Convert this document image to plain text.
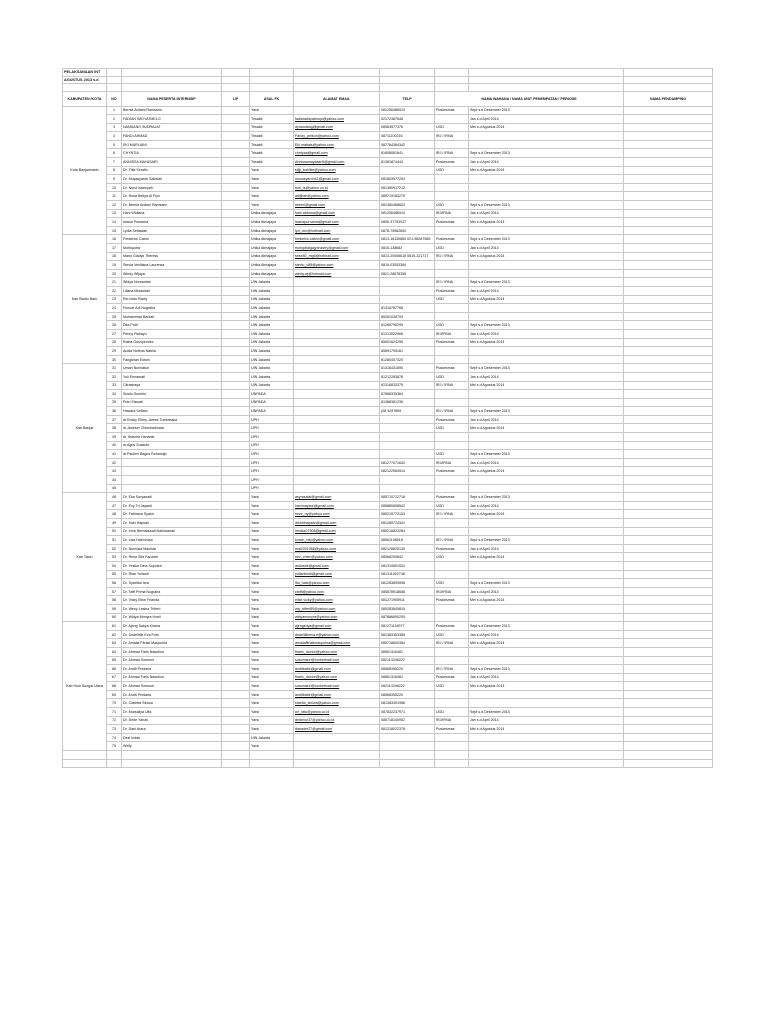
PELAKSANAAN INT									
AGUSTUS 2013 s.d									

KABUPATEN /KOTA	NO	NAMA PESERTA INTERNSIP	L/P	ASAL FK	ALAMAT EMAIL	TELP	NAMA WAHANA / NAMA UNIT PENEMPATAN / PERIODE		NAMA PENDAMPING
Kota Banjarmasin	1	Bernia Ardiani Ramsarin		Yarsi		081256486910	Puskesmas	Sept s.d Desember 2013	
	2	FADIAN WIDYATMELO		Trisakti	fadianwidyatmojo@yahoo.com	02172387846		Jan s.d April 2014	
	3	NANDANG SUDRAJAT		Trisakti	dynandang@gmail.com	08563577376	UGD	Mei s.d Agustus 2014	
	4	FANDI AHMAD		Trisakti	Fandy_pelkon@yahoo.com	08711100216	IRJ / IRNA		
	5	EKI MARLIANI		Trisakti	Eki.mattals@yahoo.com	087764364342			
	6	CHYNTIA		Trisakti	chntyaa@gmail.com	81808081641	IRJ / IRNA	Sept s.d Desember 2013	
	7	ANNISSA MAYASARI		Trisakti	Annissamayasari9@gmail.com	81381874444	Puskesmas	Jan s.d April 2014	
	8	Dr. Fifia Serafin		Yarsi	sifjji_bahlike@yahoo.com		UGD	Mei s.d Agustus 2014	
	9	Dr. Muyasyaroh Sakdiah		Yarsi	muzasyaroh41@gmail.com	081803977203			
	10	Dr. Nurul Istamyah		Yarsi	nuri_is@yahoo.co.id	081380917212			
	11	Dr. Rosa Betiya Al Fiyn		Yarsi	adiljhan@yahoo.com	085719183279			
	12	Dr. Bernia Ardiani Ramsarin		Yarsi	nberni@gmail.com	081380468603	UGD	Sept s.d Desember 2013	
	13	Hani Widiana		Unika Atmajaya	hani.widiana@gmail.com	081256486910	IRJ/IRNA	Jan s.d April 2014	
	14	Iwana Purnama		Unika Atmajaya	iwanapurnama@gmail.com	0899-37753037	Puskesmas	Mei s.d Agustus 2014	
	15	Lydia Setiawan		Unika Atmajaya	lyd_ceo@hotmail.com	0878-75962600			
Kab Barito Baru	16	Frederick Calvin		Unika Atmajaya	frederick.calvin@gmail.com	0813-16130850 021-98287565	Puskesmas	Sept s.d Desember 2013	
	17	Mohiqudra		Unika Atmajaya	mohqdralgajychastry@gmail.com	0815-138683	UGD	Jan s.d April 2014	
	18	Mario Gladys Theress		Unika Atmajaya	sese80_mgtt@hotmail.com	0813-20006618 0815-321717	IRJ / IRNA	Mei s.d Agustus 2014	
	19	Stevia Vesiliana Laurensa		Unika Atmajaya	steviu_v88@yahoo.com	0819-03053384			
	20	Windy Wijaya		Unika Atmajaya	windy.wj@hotmail.com	0821-28578358			
	21	Widya Nurnantari		UIN Jakarta			IRJ / IRNA	Sept s.d Desember 2013	
	22	Liliana Mulandari		UIN Jakarta			Puskesmas	Jan s.d April 2014	
	23	Rio Iwan Riady		UIN Jakarta			UGD	Mei s.d Agustus 2014	
	24	Fenuar Adi Nugraha		UIN Jakarta		81318787768			
	25	Muhammad Barkah		UIN Jakarta		85261038793			
	26	Dita Putri		UIN Jakarta		81285795295	UGD	Sept s.d Desember 2013	
	27	Penny Rahayu		UIN Jakarta		81213022966	IRJ/IRNA	Jan s.d April 2014	
	28	Raina Gusriyendini		UIN Jakarta		85691624255	Puskesmas	Mei s.d Agustus 2014	
	29	Audia Nofima Nabila		UIN Jakarta		85691795161			
	30	Fangkiran Edwin		UIN Jakarta		81280407320			
Kab Banjar	31	Umah Nurinatun		UIN Jakarta		81318431890	Puskesmas	Sept s.d Desember 2013	
	32	Yuli Ermawati		UIN Jakarta		81212283878	UGD	Jan s.d April 2014	
	33	Citrasnaya		UIN Jakarta		81316833375	IRJ / IRNA	Mei s.d Agustus 2014	
	34	Susilo Sumitro		UNPADA		87888335364			
	35	Putri Siswati		UNPADA		81388381236			
	36	Hawara Sofiani		UNPADA		(08 4297869	IRJ / IRNA	Sept s.d Desember 2013	
	37	dr.Rocky Ellery James Tumbelaka		UPH			Puskesmas	Jan s.d April 2014	
	38	dr.Janeser Chinshadinata		UPH			UGD	Mei s.d Agustus 2014	
	39	dr. Ifrasma Hananie		UPH					
	40	dr.Agus Susanto		UPH					
	41	dr.Paulien Bagus Rohandjo		UPH			UGD	Sept s.d Desember 2013	
	42			UPH		081277071632	IRJ/IRNA	Jan s.d April 2014	
	43			UPH		082122564914	Puskesmas	Mei s.d Agustus 2014	
	44			UPH					
	45			UPH					
Kab Tapin	46	Dr. Eka Suryawati		Yarsi	asyrasalat@gmail.com	085710712718	Puskesmas	Sept s.d Desember 2013	
	47	Dr. Evy Tri Jayanti		Yarsi	havonayare@gmail.com	085880898542	UGD	Jan s.d April 2014	
	48	Dr. Fathraza Syakri		Yarsi	nezz_ny@yahoo.com	085215770103	IRJ / IRNA	Mei s.d Agustus 2014	
	49	Dr. Indri Hapsari		Yarsi	diindrihapsari@gmail.com	081289724341			
	50	Dr. Irma Nirmalawati Narfosanah		Yarsi	irmaks07808@gmail.com	085216823284			
	51	Dr. Lisa Haerunisa		Yarsi	kvach_nify@yahoo.com	08561108518	IRJ / IRNA	Sept s.d Desember 2013	
	52	Dr. Nurmala Maulida		Yarsi	mal2001986@yahoo.com	082128825130	Puskesmas	Jan s.d April 2014	
	53	Dr. Rima Sifa Fauziah		Yarsi	nez_chien@yahoo.com	08568209842	UGD	Mei s.d Agustus 2014	
	54	Dr. Yesika Dina Soputeri		Yarsi	asdosbe@gmail.com	081310691531			
	55	Dr. Rian Yulianti		Yarsi	yuliantinidi@gmail.com	081311002748			
	56	Dr. Syarifah Isra		Yarsi	ifai_hals@yahoo.com	081283899598	UGD	Sept s.d Desember 2013	
	57	Dr. Taffi Prima Nugraha		Yarsi	ctaffi@yahoo.com	085878918688	IRJ/IRNA	Jan s.d April 2014	
	58	Dr. Vicky Elise Frianda		Yarsi	elise.vicky@yahoo.com	081271905911	Puskesmas	Mei s.d Agustus 2014	
	59	Dr. Weny Lesina Triferri		Yarsi	wly_triferi89@yahoo.com	085283845815			
	60	Dr. Widya Monyra Hoeli		Yarsi	widyamonyra@yahoo.com	087886890205			
Kab Hulu Sungai Utara	61	Dr. Ajeng Sakya Kirana		Yarsi	ajengsdya@gmail.com	081271118977	Puskesmas	Sept s.d Desember 2013	
	62	Dr. Dodeliflie Eva Putri		Yarsi	dodeliflieeva.e@yahoo.com	081383353385	UGD	Jan s.d April 2014	
	63	Dr. Amalia Fitriati Maspuhra		Yarsi	amaliafitriatimaspuhra@gmail.com	085718600384	IRJ / IRNA	Mei s.d Agustus 2014	
	64	Dr. Ahmad Faris Nasution		Yarsi	fharic_doctor@yahoo.com	08561316481			
	65	Dr. Ahmad Somsuri		Yarsi	susomsuri@rocketmail.com	082114346222			
	66	Dr. Andit Perdana		Yarsi	anditbabe@gmail.com	08568355220	IRJ / IRNA	Sept s.d Desember 2013	
	67	Dr. Ahmad Faris Nasution		Yarsi	fharic_doctor@yahoo.com	08561316481	Puskesmas	Jan s.d April 2014	
	68	Dr. Ahmad Somsuri		Yarsi	susomsuri@rocketmail.com	082114346222	UGD	Mei s.d Agustus 2014	
	69	Dr. Andit Perdana		Yarsi	anditbabe@gmail.com	08568355220			
	70	Dr. Claretta Siniwa		Yarsi	claetta_siniwa@yahoo.com	081383301986			
	71	Dr. Mursaliya Ufia		Yarsi	uri_ratu@yahoo.co.id	087832237971	UGD	Sept s.d Desember 2013	
	72	Dr. Dede Yanas		Yarsi	dedenur37@yahoo.co.id	085718140902	IRJ/IRNA	Jan s.d April 2014	
	73	Dr. Dani Arara		Yarsi	danader27@gmail.com	081218022378	Puskesmas	Mei s.d Agustus 2014	
	74	Desi Indah		UIN Jakarta					
	75	Welly		Yarsi					
